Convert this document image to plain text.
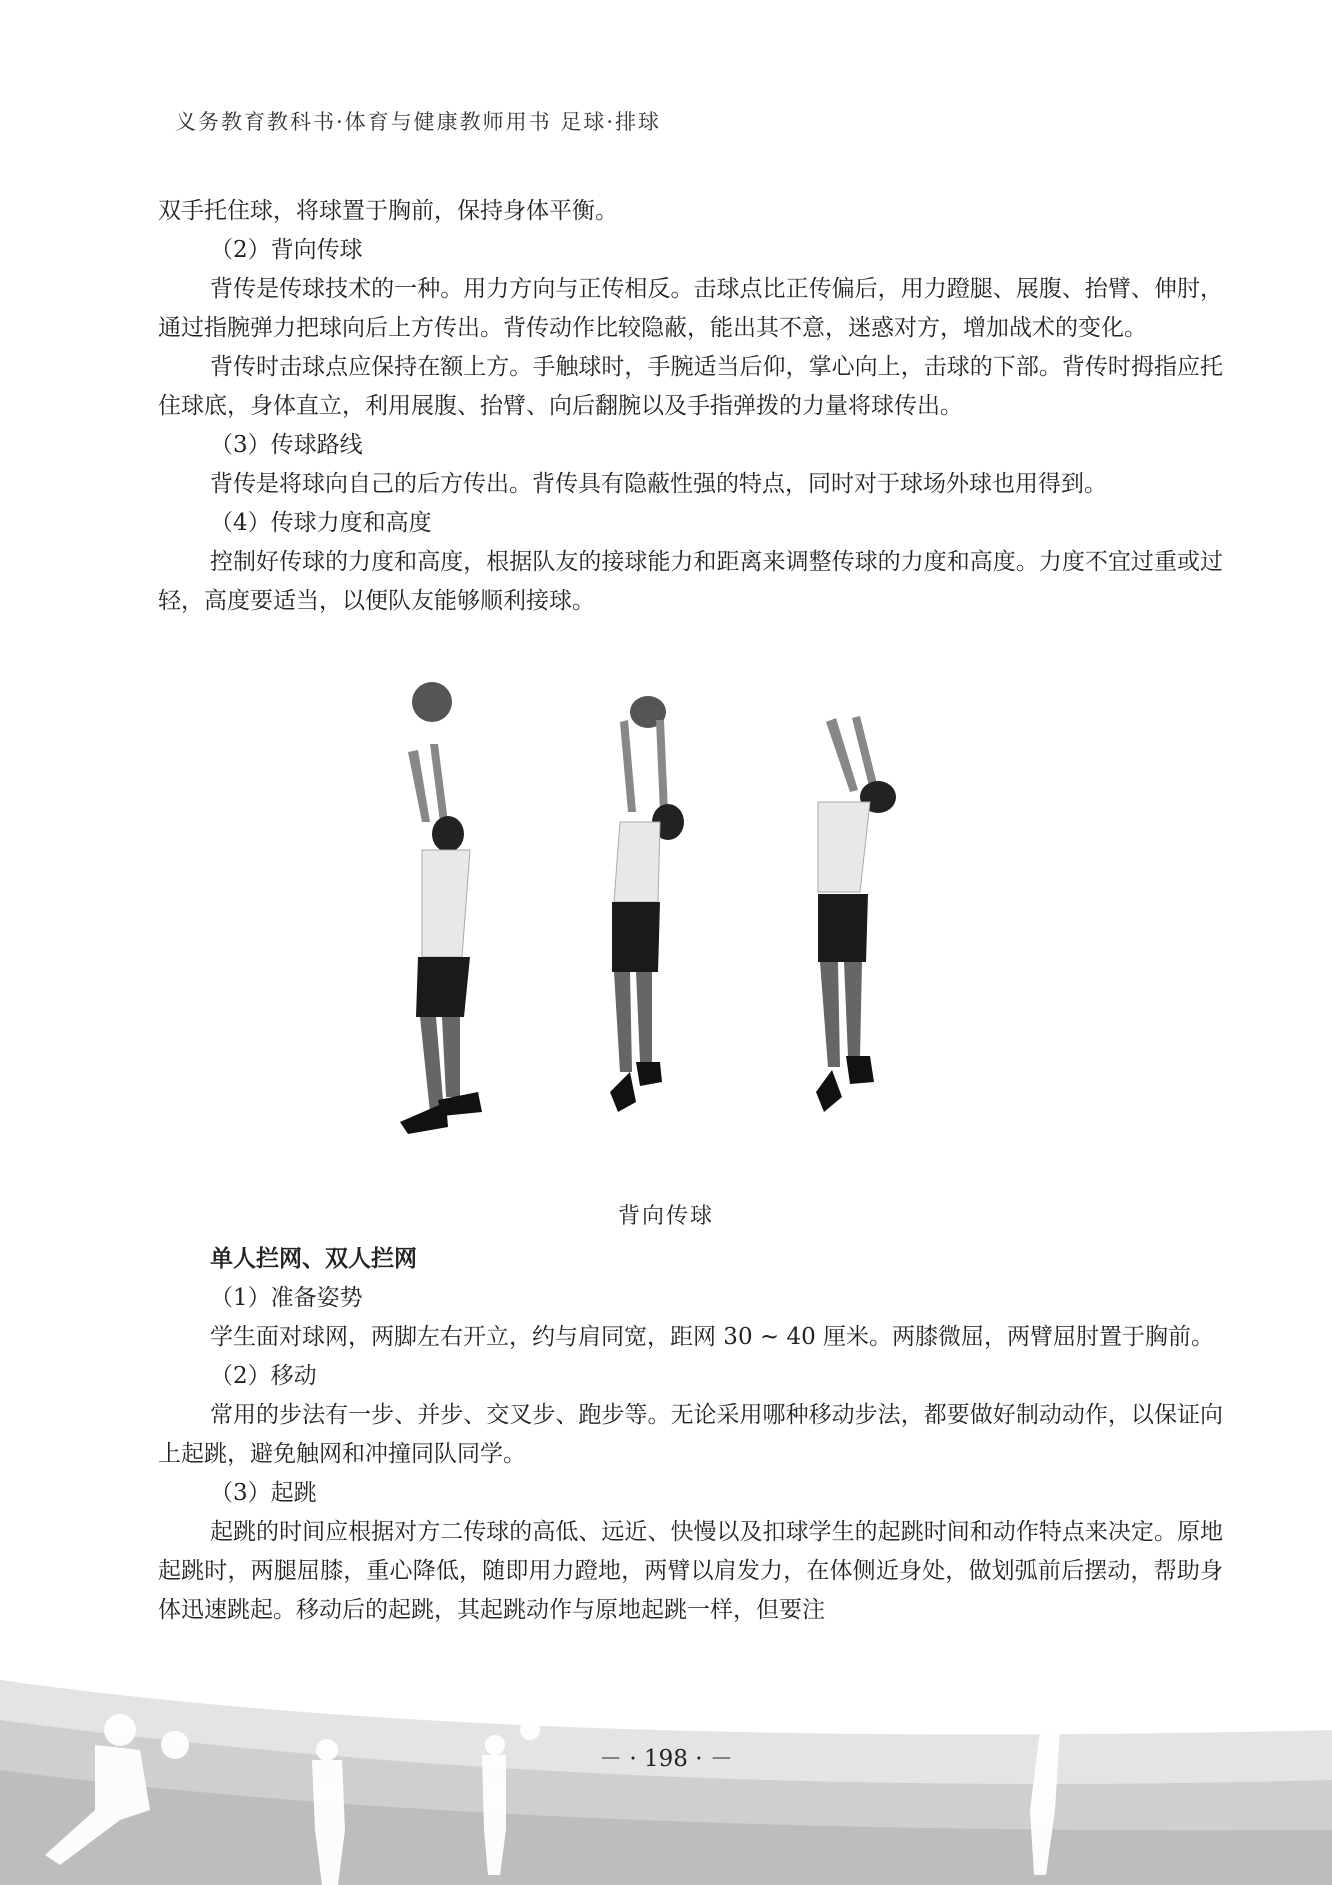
义务教育教科书·体育与健康教师用书 足球·排球

双手托住球，将球置于胸前，保持身体平衡。

（2）背向传球

背传是传球技术的一种。用力方向与正传相反。击球点比正传偏后，用力蹬腿、展腹、抬臂、伸肘，通过指腕弹力把球向后上方传出。背传动作比较隐蔽，能出其不意，迷惑对方，增加战术的变化。

背传时击球点应保持在额上方。手触球时，手腕适当后仰，掌心向上，击球的下部。背传时拇指应托住球底，身体直立，利用展腹、抬臂、向后翻腕以及手指弹拨的力量将球传出。

（3）传球路线

背传是将球向自己的后方传出。背传具有隐蔽性强的特点，同时对于球场外球也用得到。

（4）传球力度和高度

控制好传球的力度和高度，根据队友的接球能力和距离来调整传球的力度和高度。力度不宜过重或过轻，高度要适当，以便队友能够顺利接球。

背向传球

单人拦网、双人拦网

（1）准备姿势

学生面对球网，两脚左右开立，约与肩同宽，距网 30 ~ 40 厘米。两膝微屈，两臂屈肘置于胸前。

（2）移动

常用的步法有一步、并步、交叉步、跑步等。无论采用哪种移动步法，都要做好制动动作，以保证向上起跳，避免触网和冲撞同队同学。

（3）起跳

起跳的时间应根据对方二传球的高低、远近、快慢以及扣球学生的起跳时间和动作特点来决定。原地起跳时，两腿屈膝，重心降低，随即用力蹬地，两臂以肩发力，在体侧近身处，做划弧前后摆动，帮助身体迅速跳起。移动后的起跳，其起跳动作与原地起跳一样，但要注

－ · 198 · －
